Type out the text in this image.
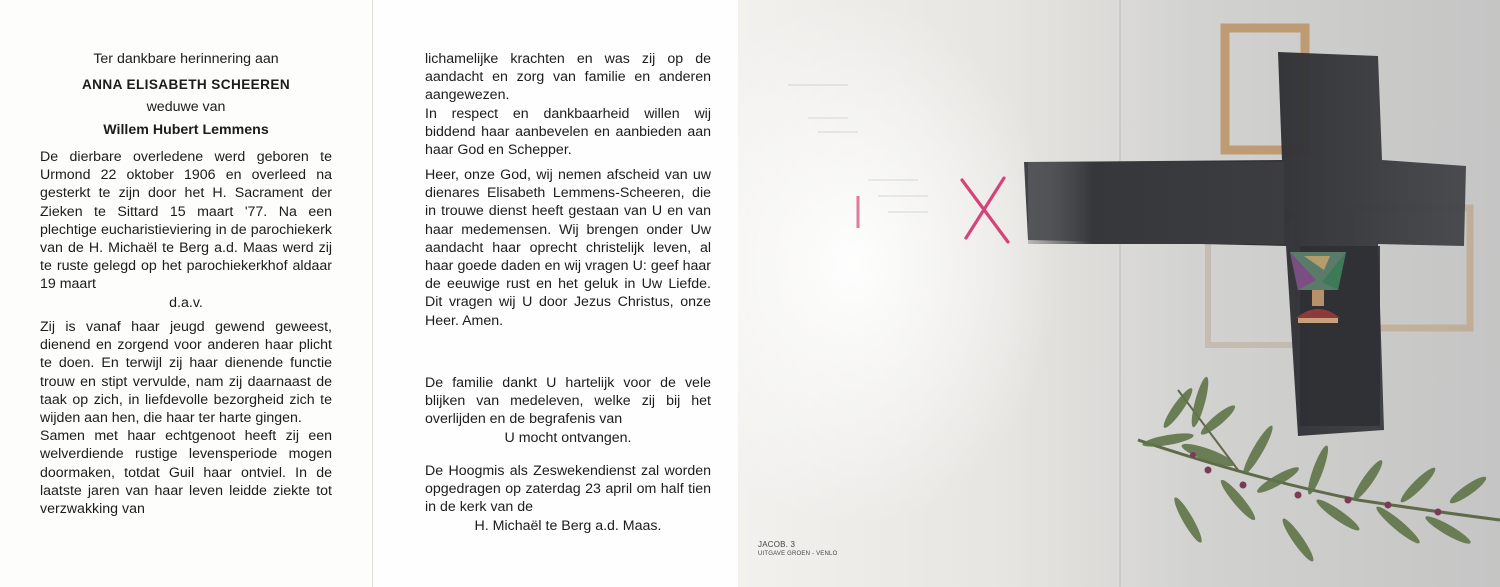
Ter dankbare herinnering aan
ANNA ELISABETH SCHEEREN
weduwe van
Willem Hubert Lemmens

De dierbare overledene werd geboren te Urmond 22 oktober 1906 en overleed na gesterkt te zijn door het H. Sacrament der Zieken te Sittard 15 maart '77. Na een plechtige eucharistieviering in de parochiekerk van de H. Michaël te Berg a.d. Maas werd zij te ruste gelegd op het parochiekerkhof aldaar 19 maart

d.a.v.

Zij is vanaf haar jeugd gewend geweest, dienend en zorgend voor anderen haar plicht te doen. En terwijl zij haar dienende functie trouw en stipt vervulde, nam zij daarnaast de taak op zich, in liefdevolle bezorgheid zich te wijden aan hen, die haar ter harte gingen.

Samen met haar echtgenoot heeft zij een welverdiende rustige levensperiode mogen doormaken, totdat Guil haar ontviel. In de laatste jaren van haar leven leidde ziekte tot verzwakking van

lichamelijke krachten en was zij op de aandacht en zorg van familie en anderen aangewezen.

In respect en dankbaarheid willen wij biddend haar aanbevelen en aanbieden aan haar God en Schepper.

Heer, onze God, wij nemen afscheid van uw dienares Elisabeth Lemmens-Scheeren, die in trouwe dienst heeft gestaan van U en van haar medemensen. Wij brengen onder Uw aandacht haar oprecht christelijk leven, al haar goede daden en wij vragen U: geef haar de eeuwige rust en het geluk in Uw Liefde. Dit vragen wij U door Jezus Christus, onze Heer. Amen.

De familie dankt U hartelijk voor de vele blijken van medeleven, welke zij bij het overlijden en de begrafenis van

U mocht ontvangen.

De Hoogmis als Zeswekendienst zal worden opgedragen op zaterdag 23 april om half tien in de kerk van de

H. Michaël te Berg a.d. Maas.

JACOB. 3
UITGAVE GROEN - VENLO
